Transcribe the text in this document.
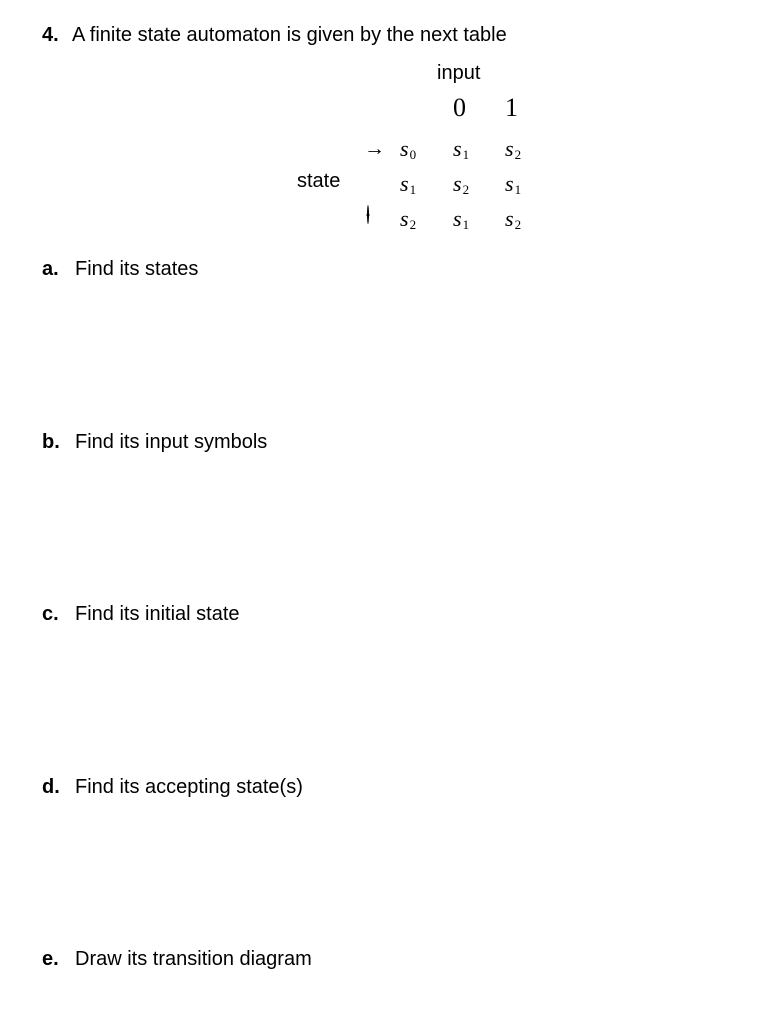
4. A finite state automaton is given by the next table
input
state
0	1
→ $s_0$	$s_1$	$s_2$
$s_1$	$s_2$	$s_1$
$s_2$	$s_1$	$s_2$
a. Find its states
b. Find its input symbols
c. Find its initial state
d. Find its accepting state(s)
e. Draw its transition diagram
